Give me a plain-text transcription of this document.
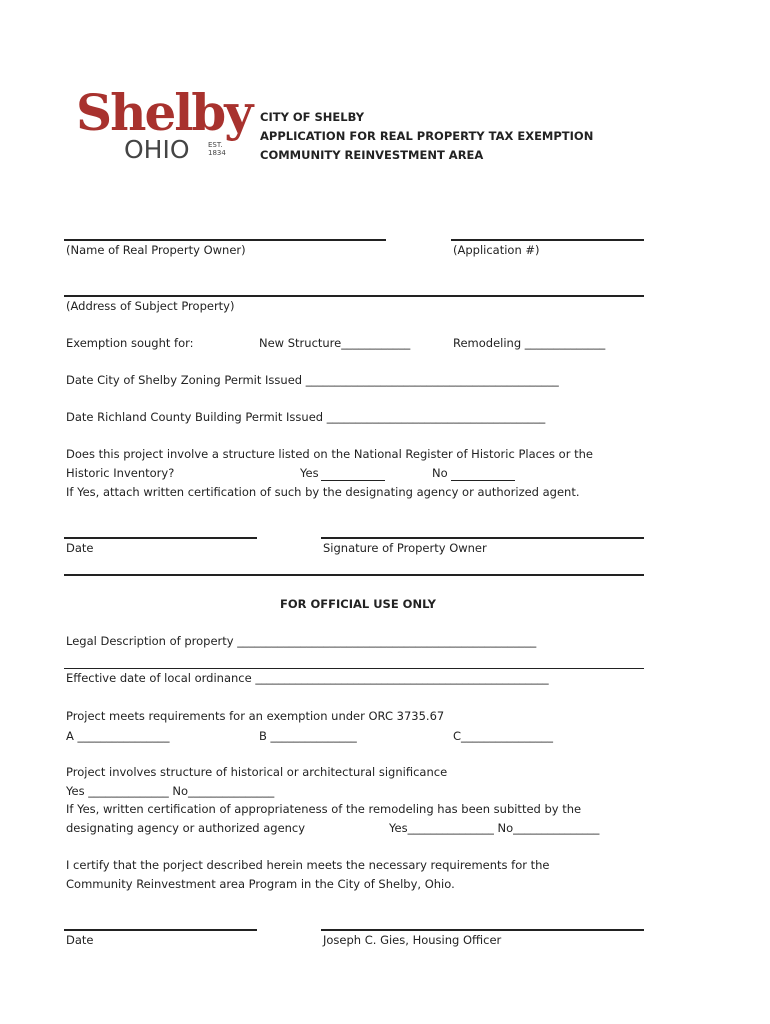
Shelby
OHIO	EST.
1834
CITY OF SHELBY
APPLICATION FOR REAL PROPERTY TAX EXEMPTION
COMMUNITY REINVESTMENT AREA
(Name of Real Property Owner)	(Application #)
(Address of Subject Property)
Exemption sought for:	New Structure____________	Remodeling ______________
Date City of Shelby Zoning Permit Issued ____________________________________________
Date Richland County Building Permit Issued ______________________________________
Does this project involve a structure listed on the National Register of Historic Places or the
Historic Inventory?	Yes	No
If Yes, attach written certification of such by the designating agency or authorized agent.
Date	Signature of Property Owner
FOR OFFICIAL USE ONLY
Legal Description of property ____________________________________________________
Effective date of local ordinance ___________________________________________________
Project meets requirements for an exemption under ORC 3735.67
A ________________	B _______________	C________________
Project involves structure of historical or architectural significance
Yes ______________ No_______________
If Yes, written certification of appropriateness of the remodeling has been subitted by the
designating agency or authorized agency	Yes_______________ No_______________
I certify that the porject described herein meets the necessary requirements for the
Community Reinvestment area Program in the City of Shelby, Ohio.
Date	Joseph C. Gies, Housing Officer
